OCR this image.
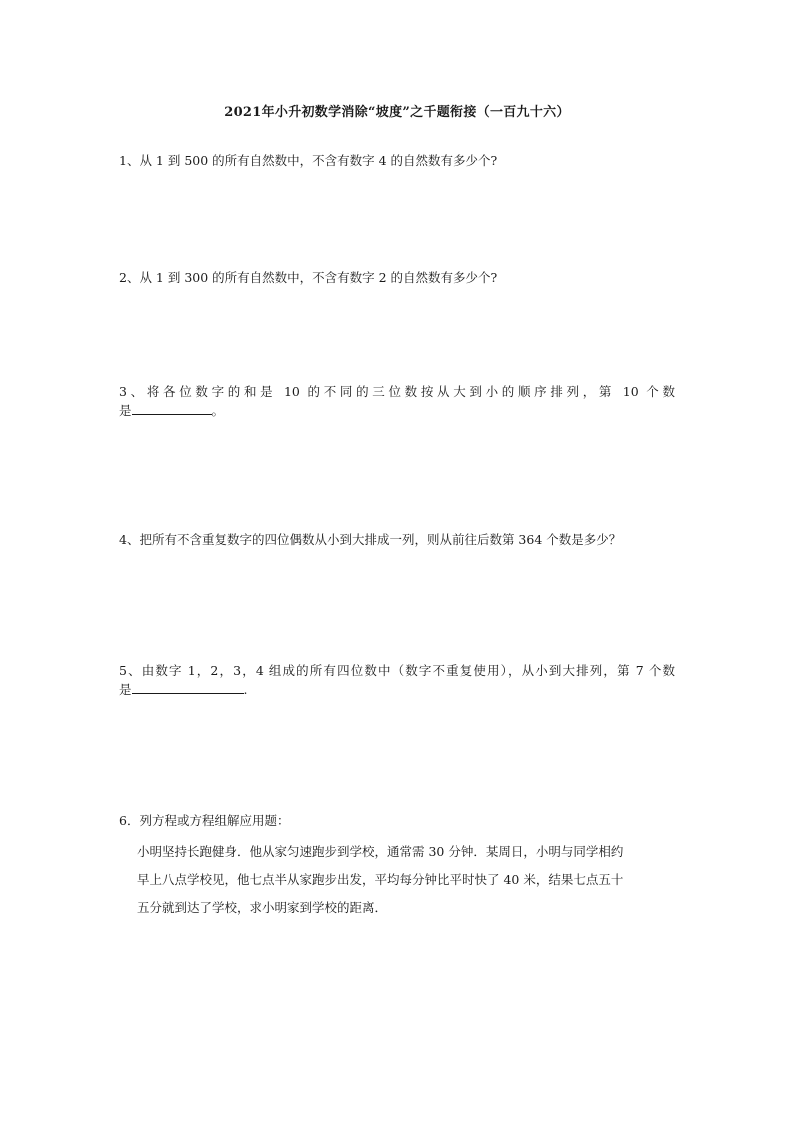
2021年小升初数学消除“坡度”之千题衔接（一百九十六）
1、从 1 到 500 的所有自然数中，不含有数字 4 的自然数有多少个?
2、从 1 到 300 的所有自然数中，不含有数字 2 的自然数有多少个?
3、将各位数字的和是 10 的不同的三位数按从大到小的顺序排列，第 10 个数
是	。
4、把所有不含重复数字的四位偶数从小到大排成一列，则从前往后数第 364 个数是多少？
5、由数字 1，2，3，4 组成的所有四位数中（数字不重复使用），从小到大排列，第 7 个数
是	.
6．列方程或方程组解应用题：
小明坚持长跑健身．他从家匀速跑步到学校，通常需 30 分钟．某周日，小明与同学相约
早上八点学校见，他七点半从家跑步出发，平均每分钟比平时快了 40 米，结果七点五十
五分就到达了学校，求小明家到学校的距离．
